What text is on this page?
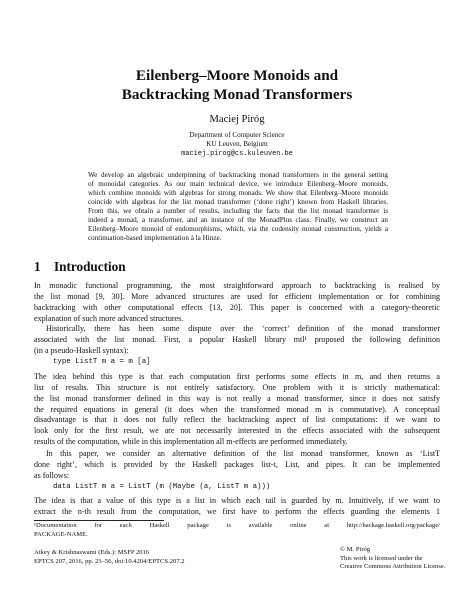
Eilenberg–Moore Monoids and
Backtracking Monad Transformers
Maciej Piróg
Department of Computer Science
KU Leuven, Belgium
maciej.pirog@cs.kuleuven.be
We develop an algebraic underpinning of backtracking monad transformers in the general setting
of monoidal categories. As our main technical device, we introduce Eilenberg–Moore monoids,
which combine monoids with algebras for strong monads. We show that Eilenberg–Moore monoids
coincide with algebras for the list monad transformer (‘done right’) known from Haskell libraries.
From this, we obtain a number of results, including the facts that the list monad transformer is
indeed a monad, a transformer, and an instance of the MonadPlus class. Finally, we construct an
Eilenberg–Moore monoid of endomorphisms, which, via the codensity monad construction, yields a
continuation-based implementation à la Hinze.
1 Introduction
In monadic functional programming, the most straightforward approach to backtracking is realised by
the list monad [9, 30]. More advanced structures are used for efficient implementation or for combining
backtracking with other computational effects [13, 20]. This paper is concerned with a category-theoretic
explanation of such more advanced structures.
Historically, there has been some dispute over the ‘correct’ definition of the monad transformer
associated with the list monad. First, a popular Haskell library mtl¹ proposed the following definition
(in a pseudo-Haskell syntax):
type ListT m a = m [a]
The idea behind this type is that each computation first performs some effects in m, and then returns a
list of results. This structure is not entirely satisfactory. One problem with it is strictly mathematical:
the list monad transformer defined in this way is not really a monad transformer, since it does not satisfy
the required equations in general (it does when the transformed monad m is commutative). A conceptual
disadvantage is that it does not fully reflect the backtracking aspect of list computations: if we want to
look only for the first result, we are not necessarily interested in the effects associated with the subsequent
results of the computation, while in this implementation all m-effects are performed immediately.
In this paper, we consider an alternative definition of the list monad transformer, known as ‘ListT
done right’, which is provided by the Haskell packages list-t, List, and pipes. It can be implemented
as follows:
data ListT m a = ListT (m (Maybe (a, ListT m a)))
The idea is that a value of this type is a list in which each tail is guarded by m. Intuitively, if we want to
extract the n-th result from the computation, we first have to perform the effects guarding the elements 1
¹Documentation for each Haskell package is available online at http://hackage.haskell.org/package/
PACKAGE-NAME.
Atkey & Krishnaswami (Eds.): MSFP 2016
EPTCS 207, 2016, pp. 23–56, doi:10.4204/EPTCS.207.2
© M. Piróg
This work is licensed under the
Creative Commons Attribution License.
